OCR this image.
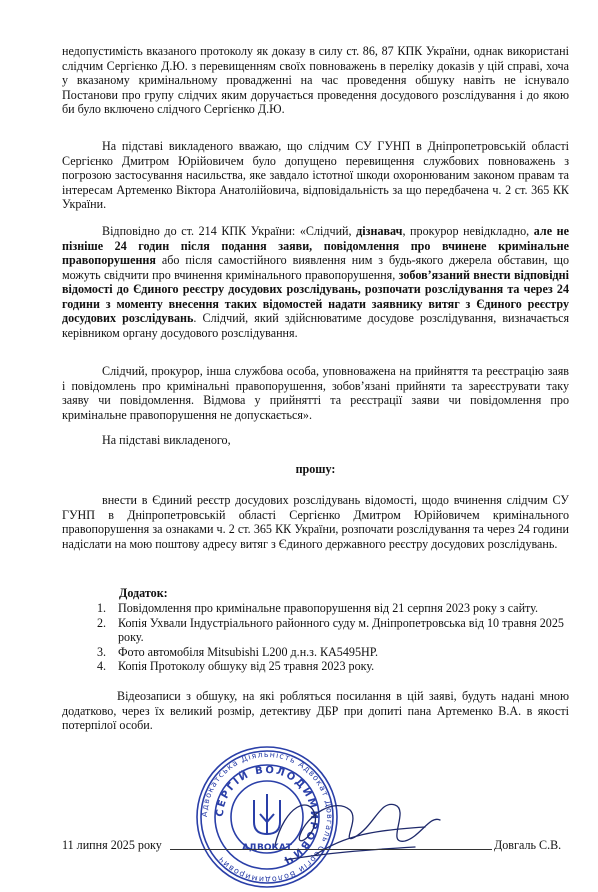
недопустимість вказаного протоколу як доказу в силу ст. 86, 87 КПК України, однак використані слідчим Сергієнко Д.Ю. з перевищенням своїх повноважень в переліку доказів у цій справі, хоча у вказаному кримінальному провадженні на час проведення обшуку навіть не існувало Постанови про групу слідчих яким доручається проведення досудового розслідування і до якою би було включено слідчого Сергієнко Д.Ю.

На підставі викладеного вважаю, що слідчим СУ ГУНП в Дніпропетровській області Сергієнко Дмитром Юрійовичем було допущено перевищення службових повноважень з погрозою застосування насильства, яке завдало істотної шкоди охоронюваним законом правам та інтересам Артеменко Віктора Анатолійовича, відповідальність за що передбачена ч. 2 ст. 365 КК України.

Відповідно до ст. 214 КПК України: «Слідчий, дізнавач, прокурор невідкладно, але не пізніше 24 годин після подання заяви, повідомлення про вчинене кримінальне правопорушення або після самостійного виявлення ним з будь-якого джерела обставин, що можуть свідчити про вчинення кримінального правопорушення, зобов’язаний внести відповідні відомості до Єдиного реєстру досудових розслідувань, розпочати розслідування та через 24 години з моменту внесення таких відомостей надати заявнику витяг з Єдиного реєстру досудових розслідувань. Слідчий, який здійснюватиме досудове розслідування, визначається керівником органу досудового розслідування.

Слідчий, прокурор, інша службова особа, уповноважена на прийняття та реєстрацію заяв і повідомлень про кримінальні правопорушення, зобов’язані прийняти та зареєструвати таку заяву чи повідомлення. Відмова у прийнятті та реєстрації заяви чи повідомлення про кримінальне правопорушення не допускається».

На підставі викладеного,

прошу:

внести в Єдиний реєстр досудових розслідувань відомості, щодо вчинення слідчим СУ ГУНП в Дніпропетровській області Сергієнко Дмитром Юрійовичем кримінального правопорушення за ознаками ч. 2 ст. 365 КК України, розпочати розслідування та через 24 години надіслати на мою поштову адресу витяг з Єдиного державного реєстру досудових розслідувань.

Додаток:

1. Повідомлення про кримінальне правопорушення від 21 серпня 2023 року з сайту.
2. Копія Ухвали Індустріального районного суду м. Дніпропетровська від 10 травня 2025 року.
3. Фото автомобіля Mitsubishi L200 д.н.з. КА5495НР.
4. Копія Протоколу обшуку від 25 травня 2023 року.

Відеозаписи з обшуку, на які робляться посилання в цій заяві, будуть надані мною додатково, через їх великий розмір, детективу ДБР при допиті пана Артеменко В.А. в якості потерпілої особи.

Адвокатська Діяльність Адвокат Довгаль Сергій Володимирович
СЕРГІЙ ВОЛОДИМИРОВИЧ
АДВОКАТ

11 липня 2025 року	Довгаль С.В.
